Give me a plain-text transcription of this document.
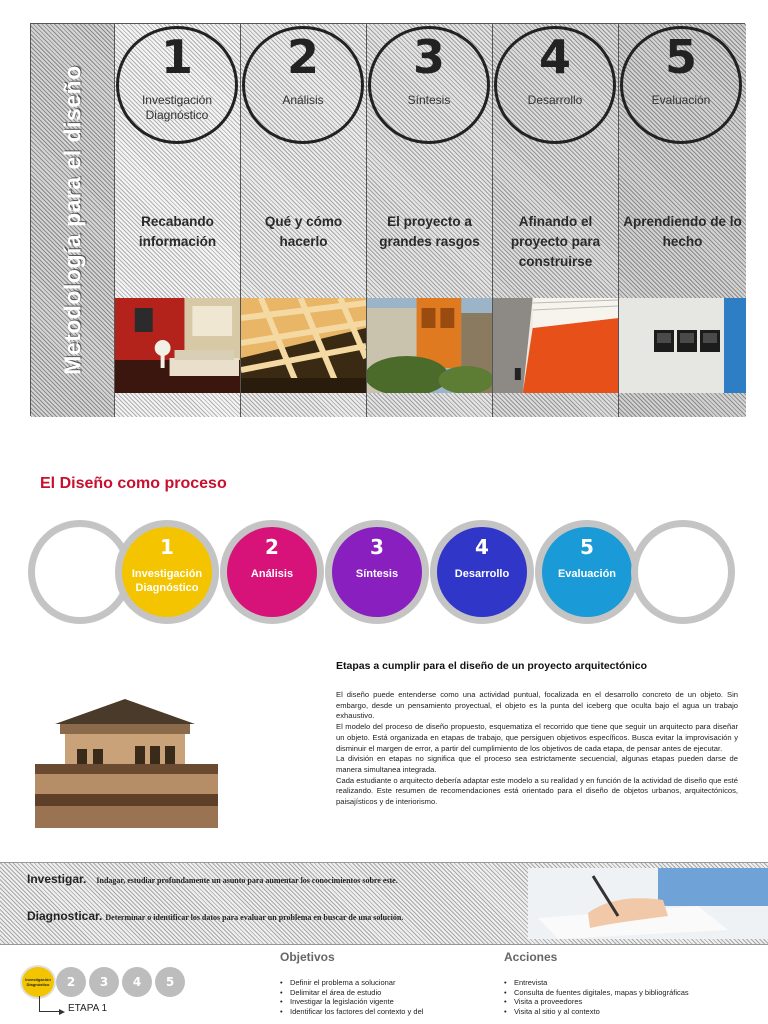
Metodología para el diseño
1
Investigación
Diagnóstico
Recabando información
2
Análisis
Qué y cómo hacerlo
3
Síntesis
El proyecto a grandes rasgos
4
Desarrollo
Afinando el proyecto para construirse
5
Evaluación
Aprendiendo de lo hecho
El Diseño como proceso
1
Investigación Diagnóstico
2
Análisis
3
Síntesis
4
Desarrollo
5
Evaluación
Etapas a cumplir para el diseño de un proyecto arquitectónico

El diseño puede entenderse como una actividad puntual, focalizada en el desarrollo concreto de un objeto. Sin embargo, desde un pensamiento proyectual, el objeto es la punta del iceberg que oculta bajo el agua un trabajo exhaustivo.

El modelo del proceso de diseño propuesto, esquematiza el recorrido que tiene que seguir un arquitecto para diseñar un objeto. Está organizada en etapas de trabajo, que persiguen objetivos específicos. Busca evitar la improvisación y disminuir el margen de error, a partir del cumplimiento de los objetivos de cada etapa, de pensar antes de ejecutar.

La división en etapas no significa que el proceso sea estrictamente secuencial, algunas etapas pueden darse de manera simultanea integrada.

Cada estudiante o arquitecto debería adaptar este modelo a su realidad y en función de la actividad de diseño que esté realizando. Este resumen de recomendaciones está orientado para el diseño de objetos urbanos, arquitectónicos, paisajísticos y de interiorismo.

Investigar. Indagar, estudiar profundamente un asunto para aumentar los conocimientos sobre este.
Diagnosticar. Determinar o identificar los datos para evaluar un problema en buscar de una solución.
Investigación Diagnóstico	2	3	4	5
ETAPA 1
Objetivos
• Definir el problema a solucionar
• Delimitar el área de estudio
• Investigar la legislación vigente
• Identificar los factores del contexto y del
Acciones
• Entrevista
• Consulta de fuentes digitales, mapas y bibliográficas
• Visita a proveedores
• Visita al sitio y al contexto
